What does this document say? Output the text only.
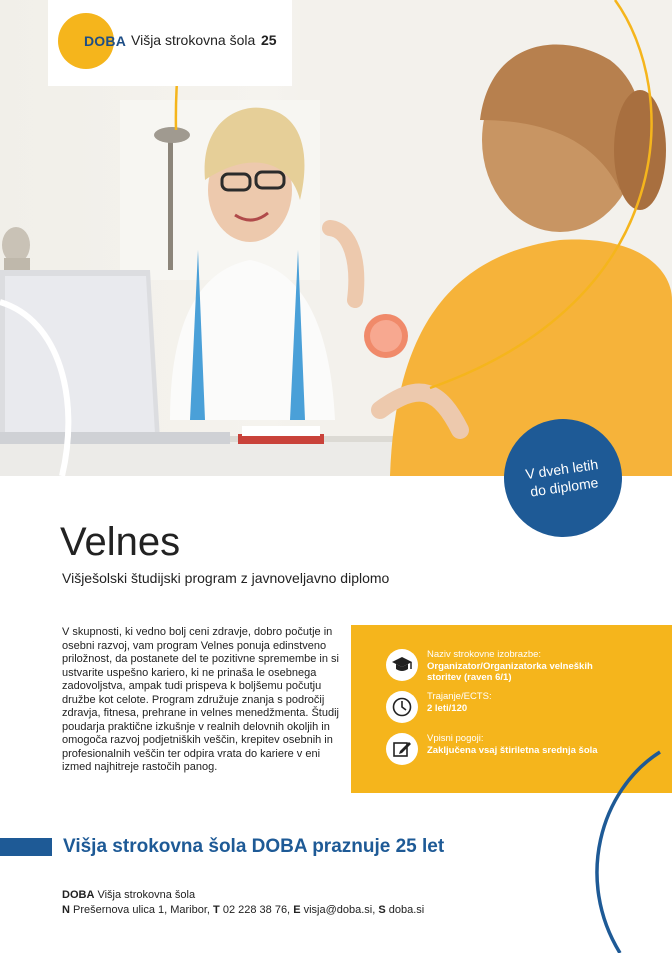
DOBA Višja strokovna šola 25
V dveh letih do diplome
Velnes
Višješolski študijski program z javnoveljavno diplomo
V skupnosti, ki vedno bolj ceni zdravje, dobro počutje in osebni razvoj, vam program Velnes ponuja edinstveno priložnost, da postanete del te pozitivne spremembe in si ustvarite uspešno kariero, ki ne prinaša le osebnega zadovoljstva, ampak tudi prispeva k boljšemu počutju družbe kot celote. Program združuje znanja s področij zdravja, fitnesa, prehrane in velnes menedžmenta. Študij poudarja praktične izkušnje v realnih delovnih okoljih in omogoča razvoj podjetniških veščin, krepitev osebnih in profesionalnih veščin ter odpira vrata do kariere v eni izmed najhitreje rastočih panog.
Naziv strokovne izobrazbe:
Organizator/Organizatorka velneških storitev (raven 6/1)
Trajanje/ECTS:
2 leti/120
Vpisni pogoji:
Zaključena vsaj štiriletna srednja šola
Višja strokovna šola DOBA praznuje 25 let
DOBA Višja strokovna šola
N Prešernova ulica 1, Maribor, T 02 228 38 76, E visja@doba.si, S doba.si
